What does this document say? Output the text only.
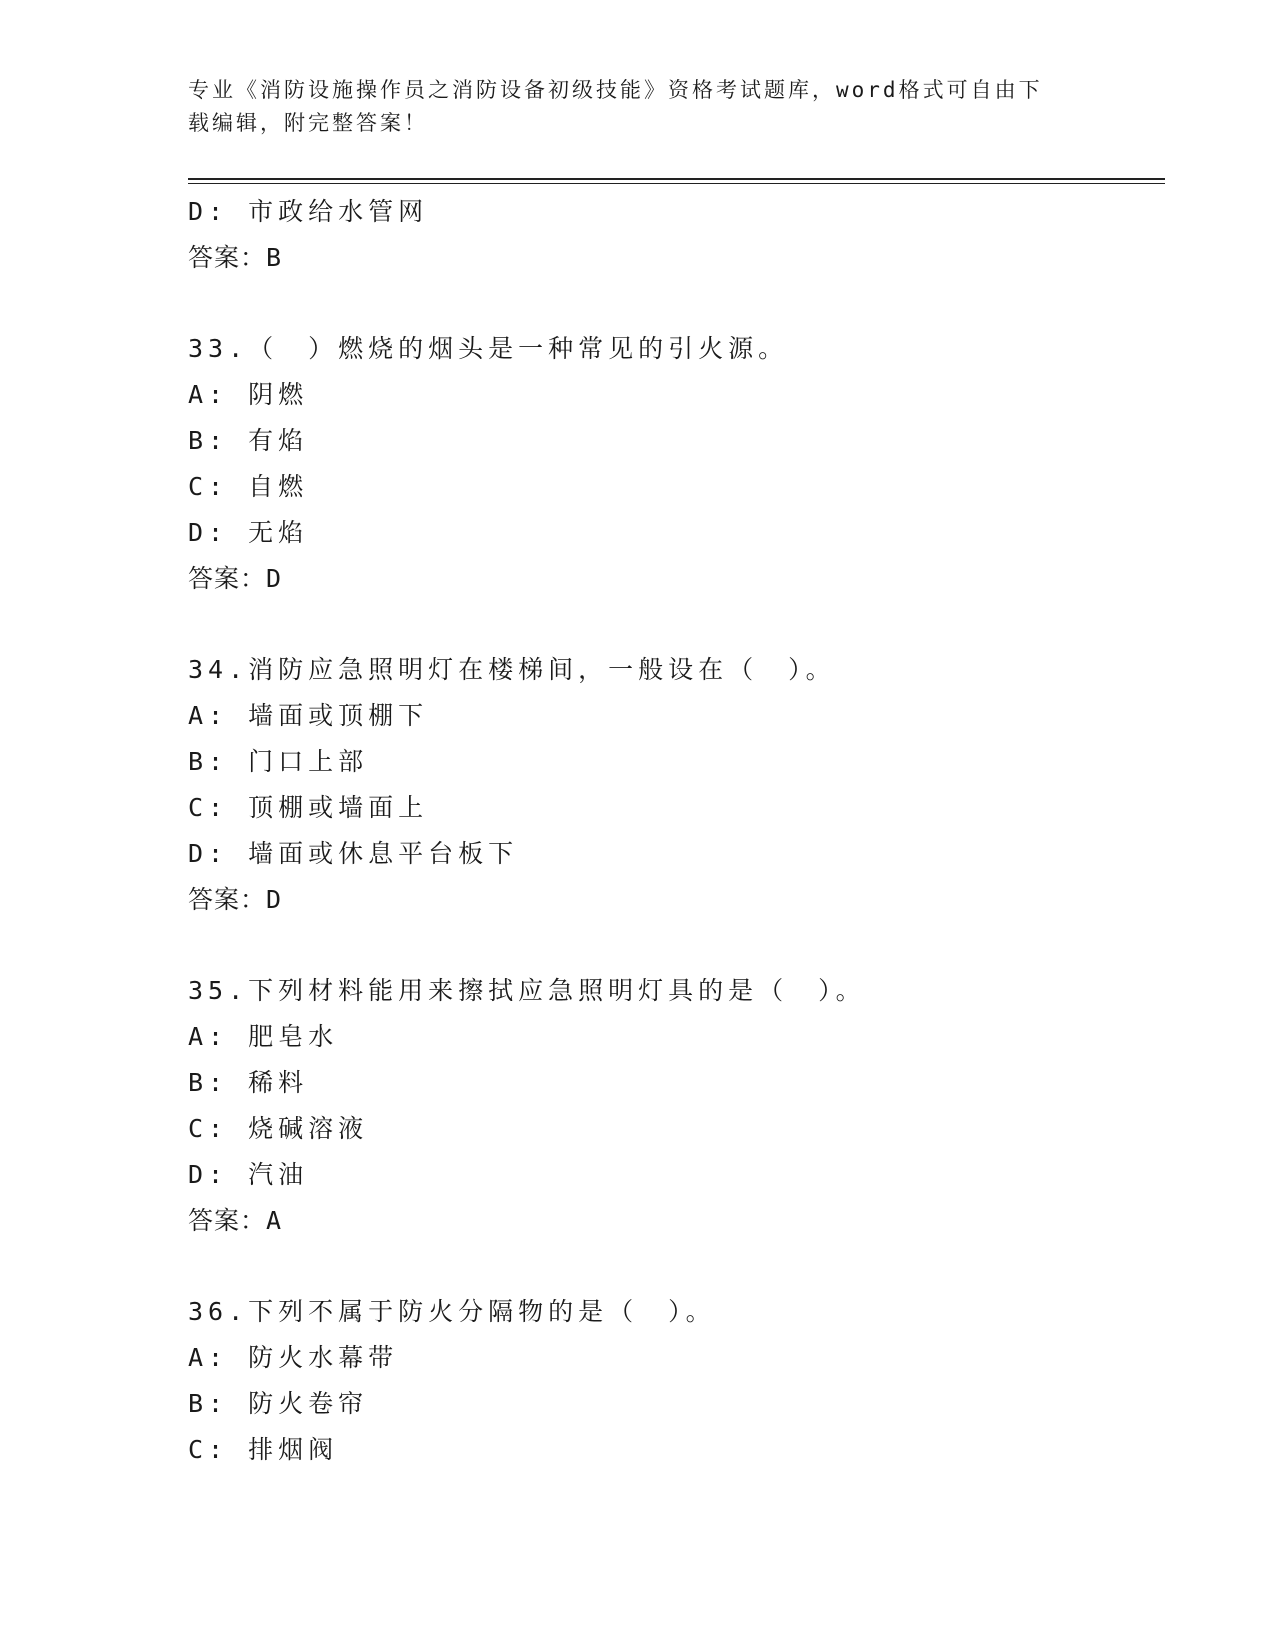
专业《消防设施操作员之消防设备初级技能》资格考试题库，word格式可自由下
载编辑，附完整答案！
D: 市政给水管网
答案：B
33.（　）燃烧的烟头是一种常见的引火源。
A: 阴燃
B: 有焰
C: 自燃
D: 无焰
答案：D
34.消防应急照明灯在楼梯间，一般设在（　）。
A: 墙面或顶棚下
B: 门口上部
C: 顶棚或墙面上
D: 墙面或休息平台板下
答案：D
35.下列材料能用来擦拭应急照明灯具的是（　）。
A: 肥皂水
B: 稀料
C: 烧碱溶液
D: 汽油
答案：A
36.下列不属于防火分隔物的是（　）。
A: 防火水幕带
B: 防火卷帘
C: 排烟阀
